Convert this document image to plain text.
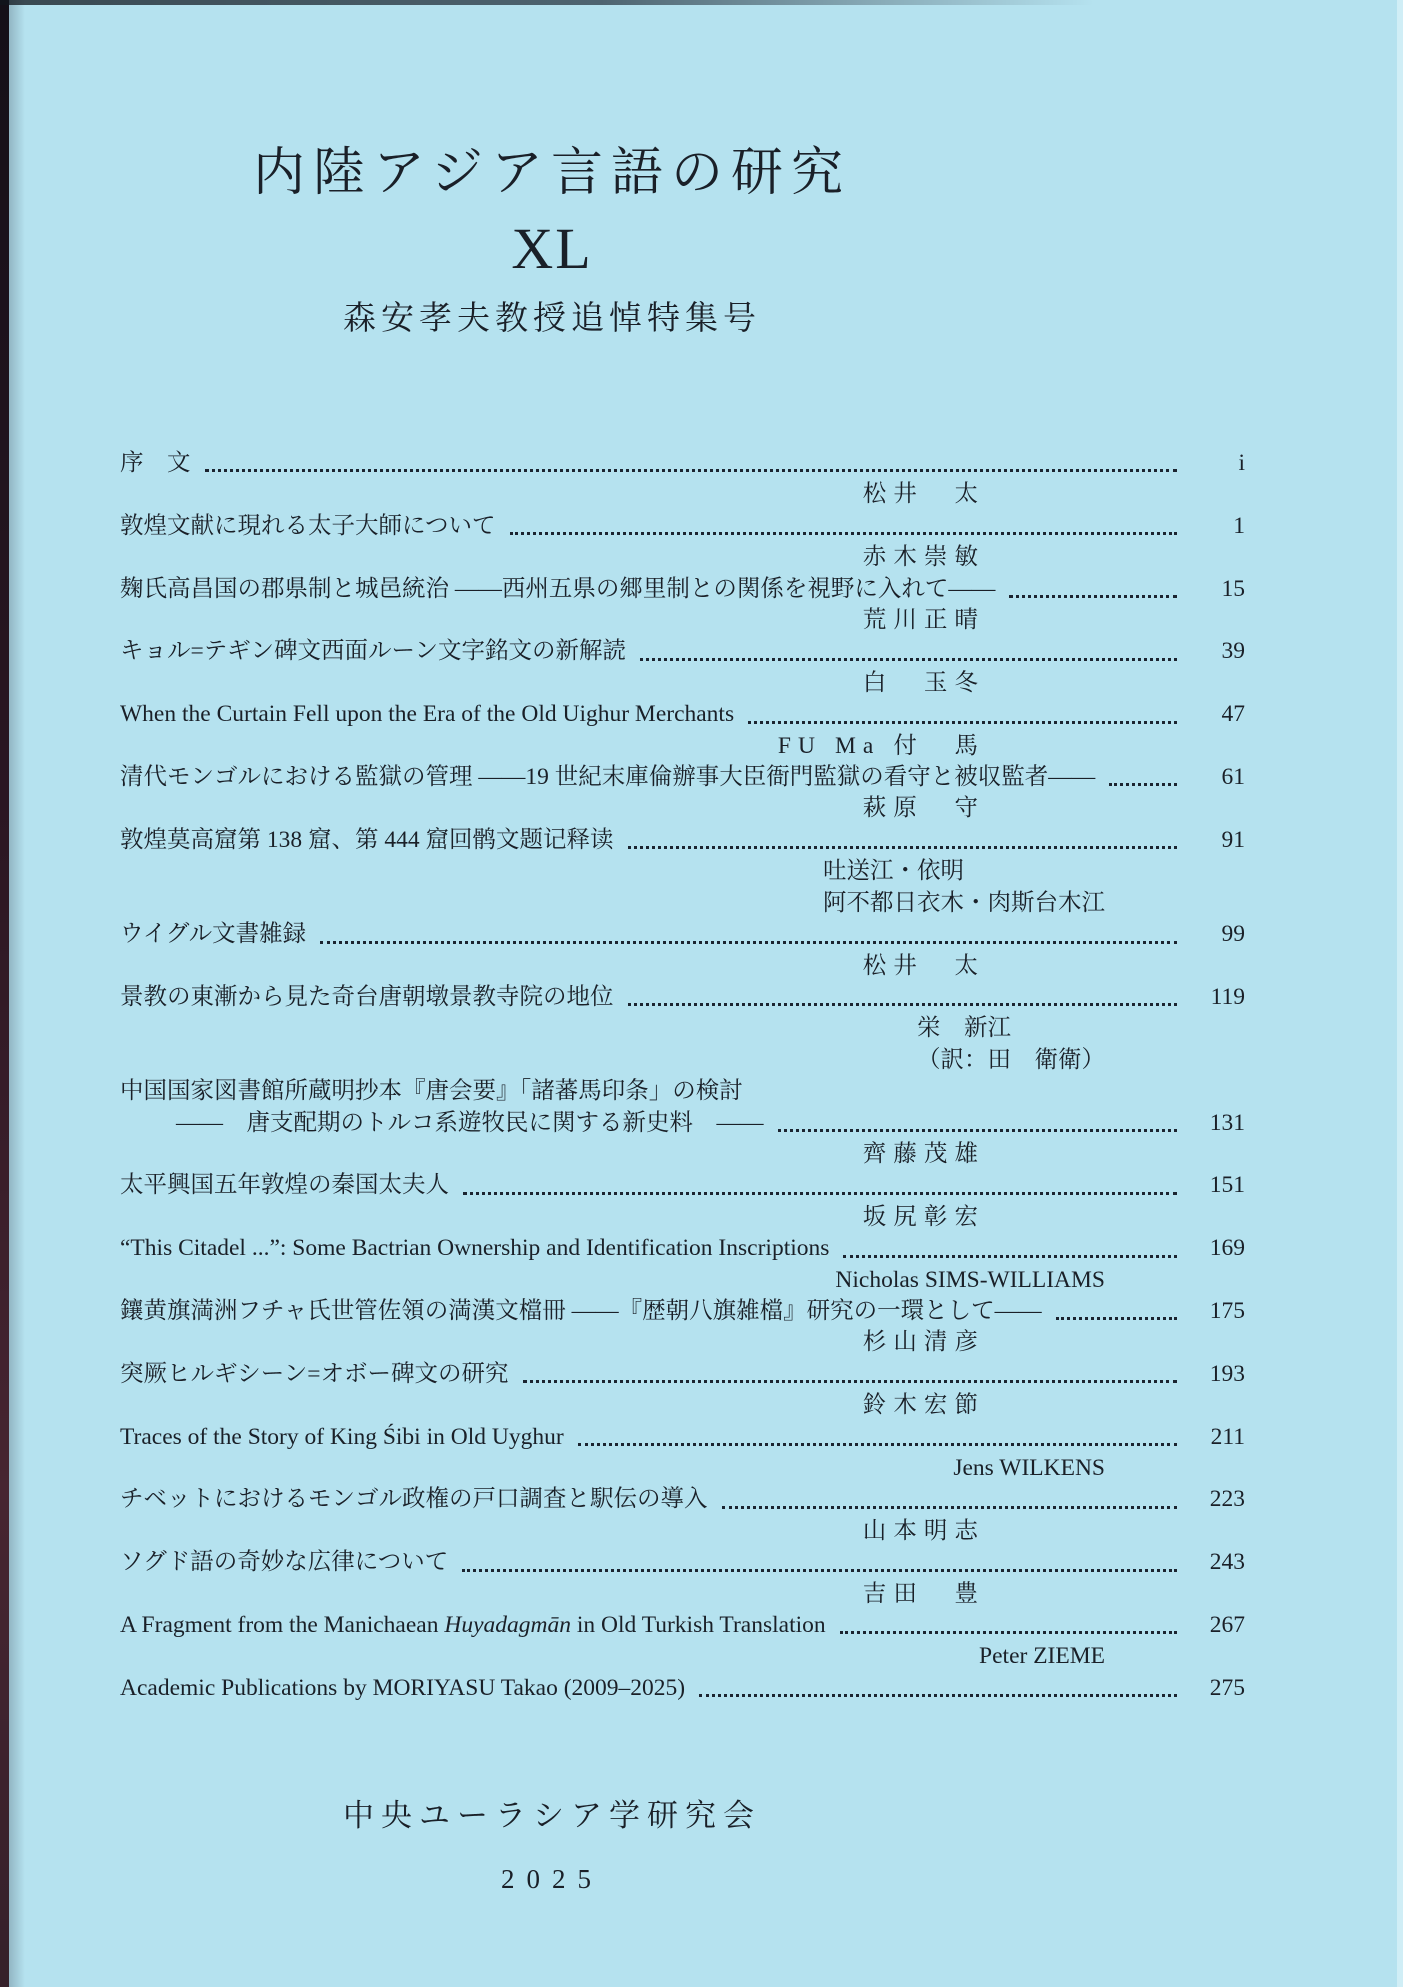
内陸アジア言語の研究
XL
森安孝夫教授追悼特集号
序　文	i
松井　太
敦煌文献に現れる太子大師について	1
赤木崇敏
麹氏高昌国の郡県制と城邑統治 ――西州五県の郷里制との関係を視野に入れて――	15
荒川正晴
キョル=テギン碑文西面ルーン文字銘文の新解読	39
白　玉冬
When the Curtain Fell upon the Era of the Old Uighur Merchants	47
FU Ma 付　馬
清代モンゴルにおける監獄の管理 ――19 世紀末庫倫辦事大臣衙門監獄の看守と被収監者――	61
萩原　守
敦煌莫高窟第 138 窟、第 444 窟回鹘文题记释读	91
吐送江・依明
阿不都日衣木・肉斯台木江
ウイグル文書雑録	99
松井　太
景教の東漸から見た奇台唐朝墩景教寺院の地位	119
栄　新江
（訳：田　衛衛）
中国国家図書館所蔵明抄本『唐会要』「諸蕃馬印条」の検討
――　唐支配期のトルコ系遊牧民に関する新史料　――	131
齊藤茂雄
太平興国五年敦煌の秦国太夫人	151
坂尻彰宏
“This Citadel ...”: Some Bactrian Ownership and Identification Inscriptions	169
Nicholas SIMS-WILLIAMS
鑲黄旗満洲フチャ氏世管佐領の満漢文檔冊 ――『歴朝八旗雑檔』研究の一環として――	175
杉山清彦
突厥ヒルギシーン=オボー碑文の研究	193
鈴木宏節
Traces of the Story of King Śibi in Old Uyghur	211
Jens WILKENS
チベットにおけるモンゴル政権の戸口調査と駅伝の導入	223
山本明志
ソグド語の奇妙な広律について	243
吉田　豊
A Fragment from the Manichaean Huyadagmān in Old Turkish Translation	267
Peter ZIEME
Academic Publications by MORIYASU Takao (2009–2025)	275
中央ユーラシア学研究会
2025
